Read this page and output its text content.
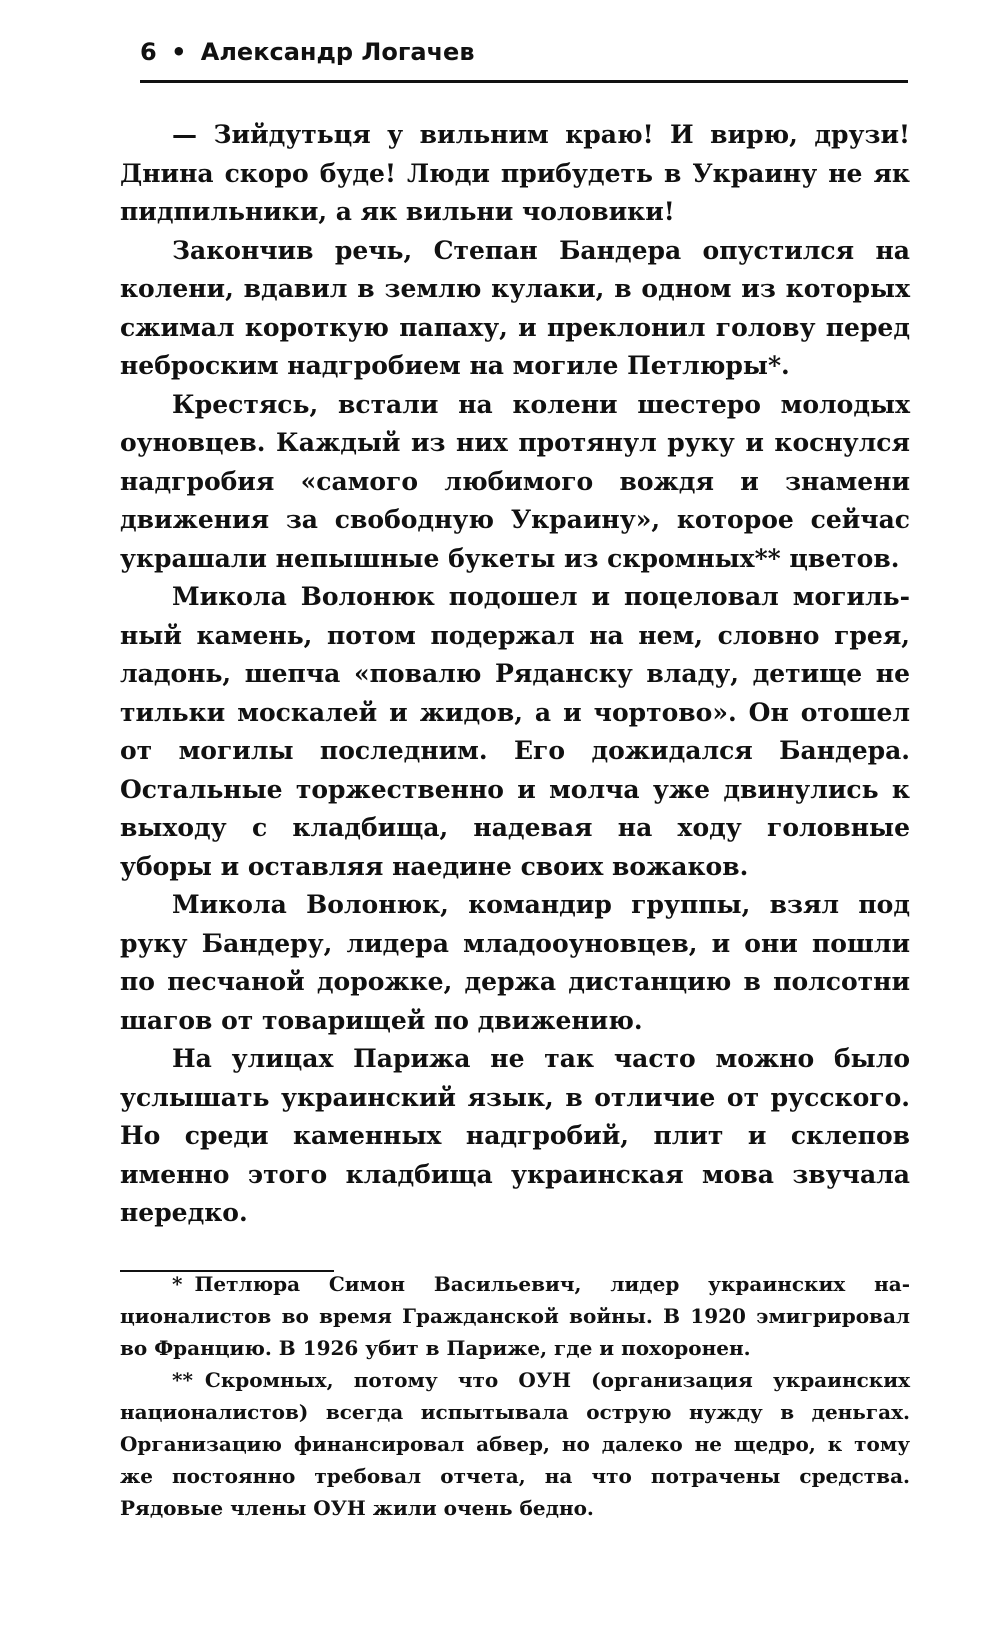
6 • Александр Логачев

— Зийдутьця у вильним краю! И вирю, друзи! Днина скоро буде! Люди прибудеть в Украину не як пидпильники, а як вильни чоловики!

Закончив речь, Степан Бандера опустился на колени, вдавил в землю кулаки, в одном из которых сжимал короткую папаху, и преклонил голову перед неброским надгробием на могиле Петлюры*.

Крестясь, встали на колени шестеро молодых оуновцев. Каждый из них протянул руку и коснулся надгробия «самого любимого вождя и знамени движения за свободную Украину», которое сейчас украшали непышные букеты из скромных** цветов.

Микола Волонюк подошел и поцеловал могильный камень, потом подержал на нем, словно грея, ладонь, шепча «повалю Ряданску владу, детище не тильки москалей и жидов, а и чортово». Он отошел от могилы последним. Его дожидался Бандера. Остальные торжественно и молча уже двинулись к выходу с кладбища, надевая на ходу головные уборы и оставляя наедине своих вожаков.

Микола Волонюк, командир группы, взял под руку Бандеру, лидера младооуновцев, и они пошли по песчаной дорожке, держа дистанцию в полсотни шагов от товарищей по движению.

На улицах Парижа не так часто можно было услышать украинский язык, в отличие от русского. Но среди каменных надгробий, плит и склепов именно этого кладбища украинская мова звучала нередко.

* Петлюра Симон Васильевич, лидер украинских националистов во время Гражданской войны. В 1920 эмигрировал во Францию. В 1926 убит в Париже, где и похоронен.

** Скромных, потому что ОУН (организация украинских националистов) всегда испытывала острую нужду в деньгах. Организацию финансировал абвер, но далеко не щедро, к тому же постоянно требовал отчета, на что потрачены средства. Рядовые члены ОУН жили очень бедно.
